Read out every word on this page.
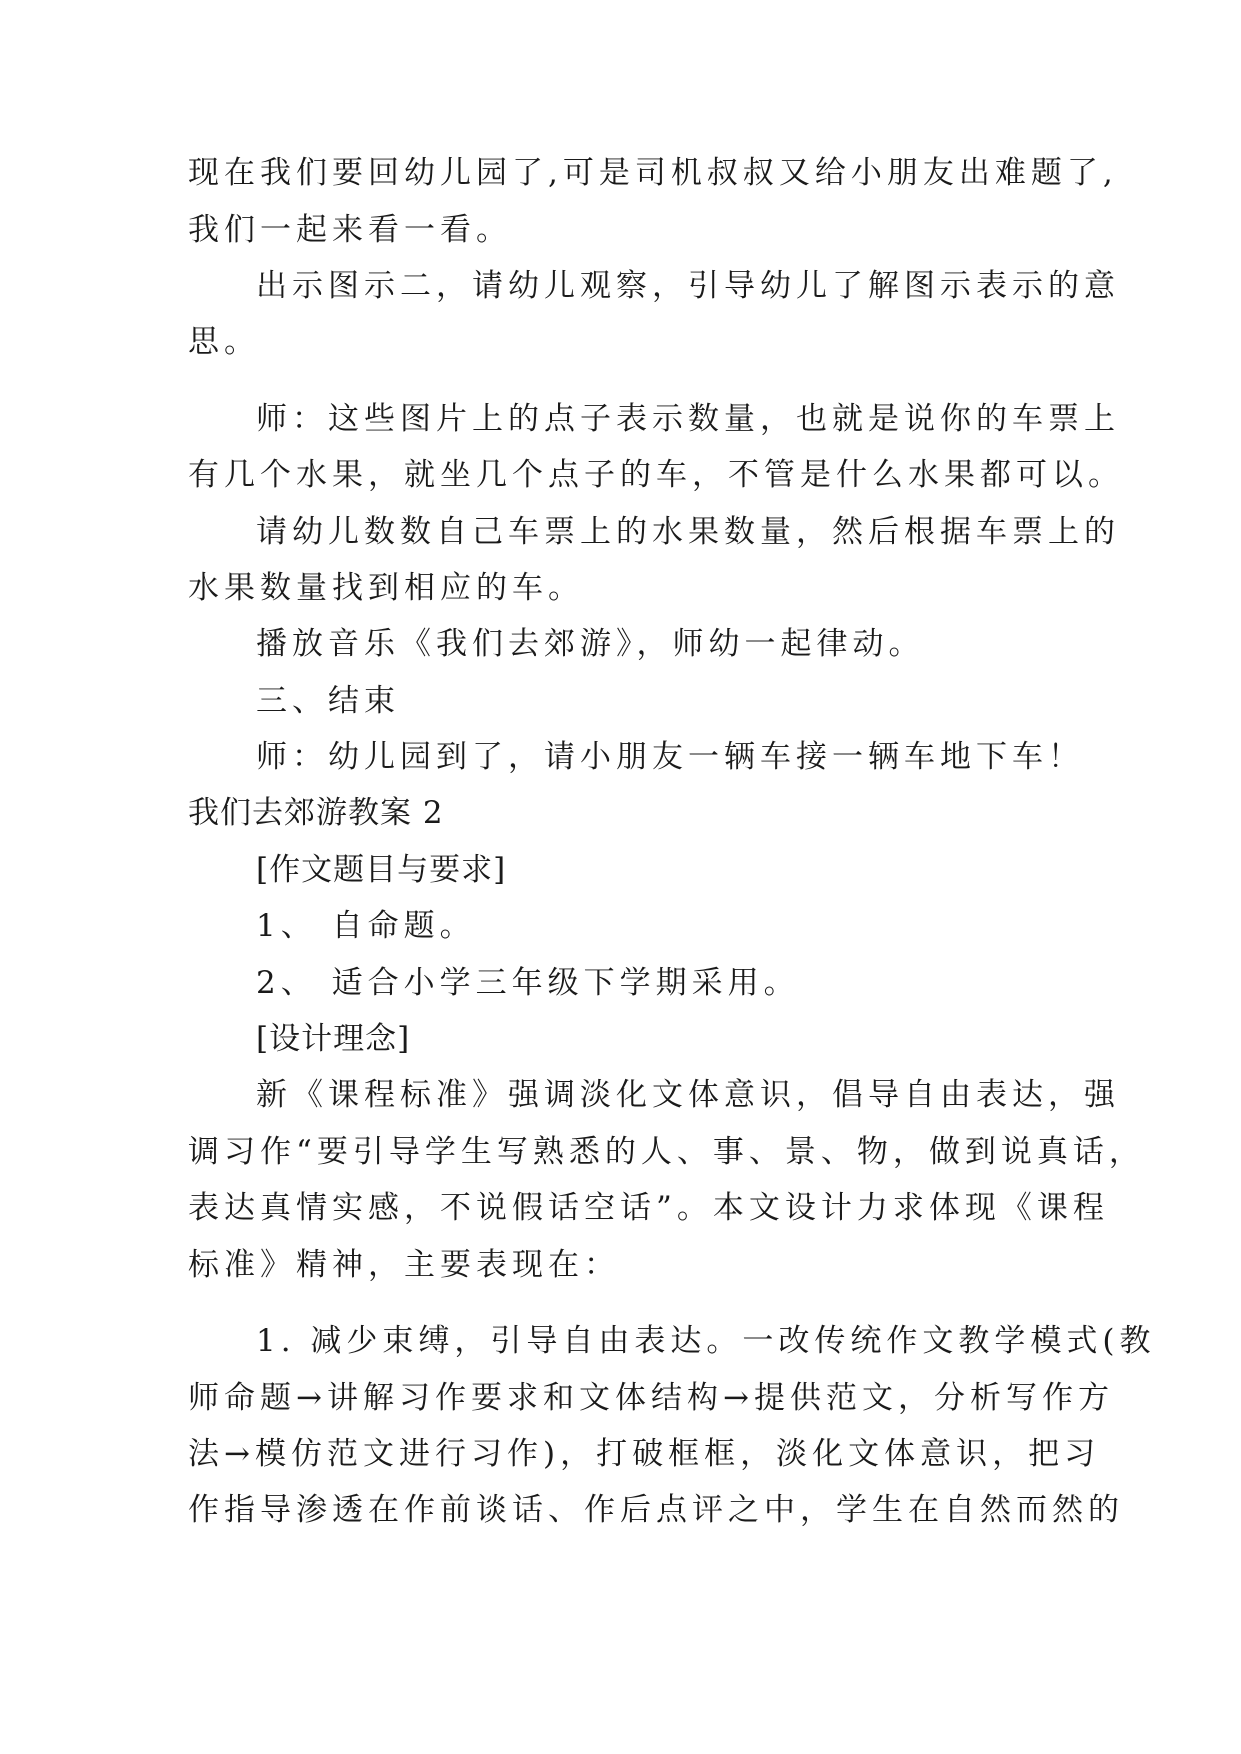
现在我们要回幼儿园了,可是司机叔叔又给小朋友出难题了,
我们一起来看一看。
出示图示二，请幼儿观察，引导幼儿了解图示表示的意
思。
师：这些图片上的点子表示数量，也就是说你的车票上
有几个水果，就坐几个点子的车，不管是什么水果都可以。
请幼儿数数自己车票上的水果数量，然后根据车票上的
水果数量找到相应的车。
播放音乐《我们去郊游》，师幼一起律动。
三、结束
师：幼儿园到了，请小朋友一辆车接一辆车地下车！
我们去郊游教案 2
[作文题目与要求]
1、 自命题。
2、 适合小学三年级下学期采用。
[设计理念]
新《课程标准》强调淡化文体意识，倡导自由表达，强
调习作“要引导学生写熟悉的人、事、景、物，做到说真话，
表达真情实感，不说假话空话”。本文设计力求体现《课程
标准》精神，主要表现在：
1. 减少束缚，引导自由表达。一改传统作文教学模式(教
师命题→讲解习作要求和文体结构→提供范文，分析写作方
法→模仿范文进行习作)，打破框框，淡化文体意识，把习
作指导渗透在作前谈话、作后点评之中，学生在自然而然的
